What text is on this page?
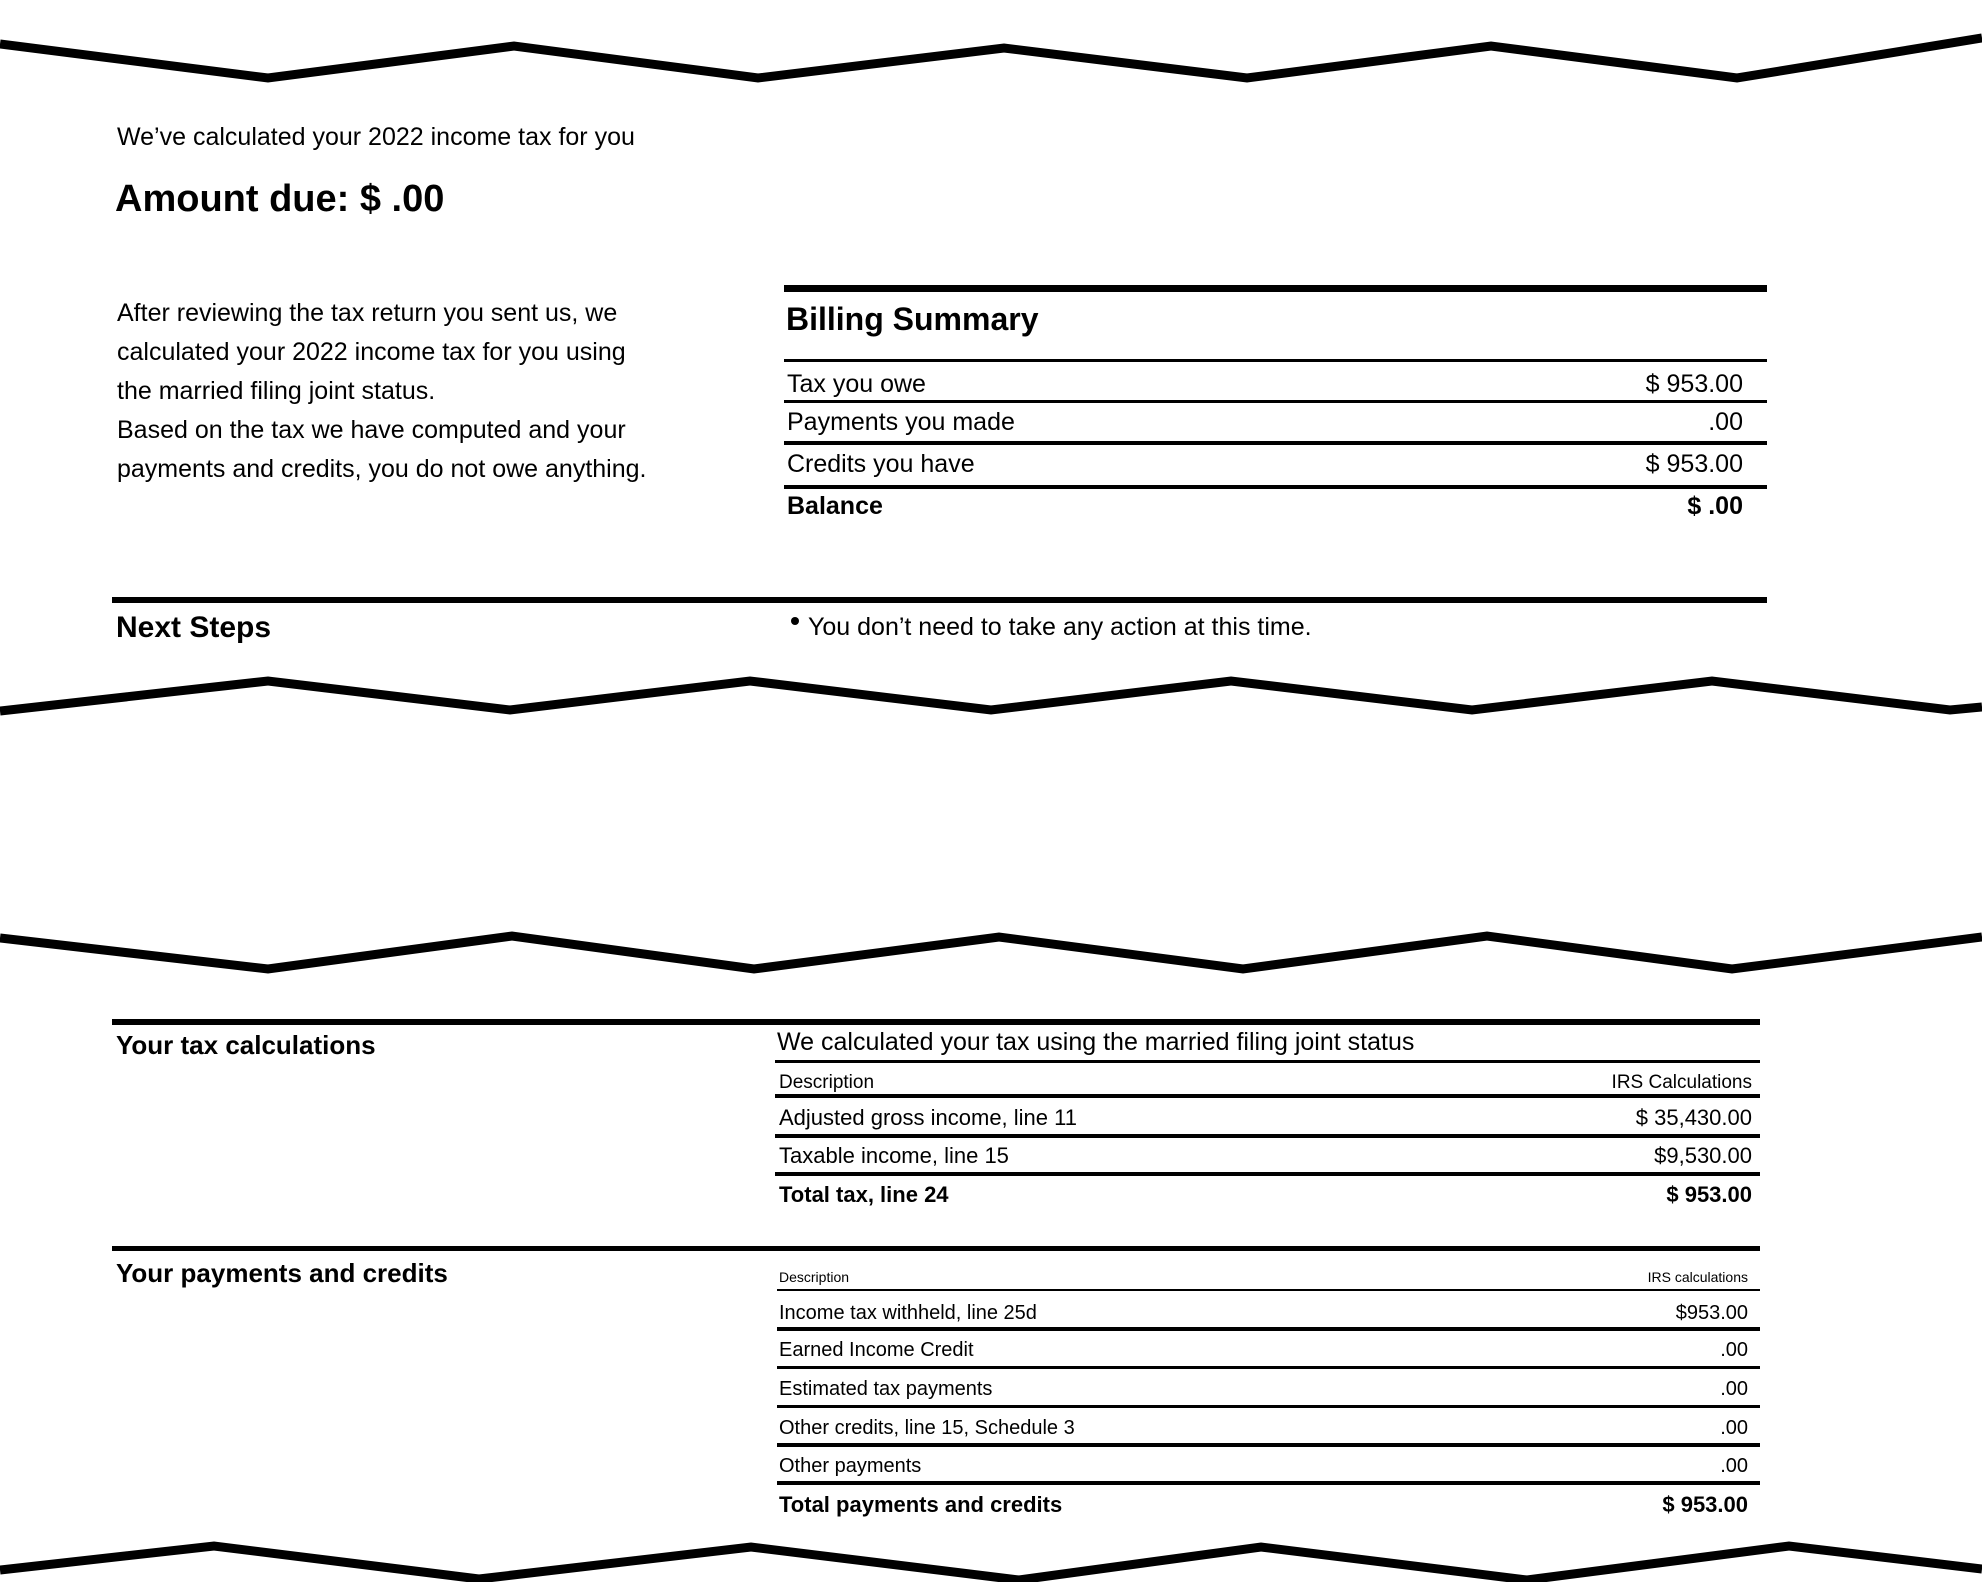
We’ve calculated your 2022 income tax for you
Amount due: $ .00
After reviewing the tax return you sent us, we
calculated your 2022 income tax for you using
the married filing joint status.
Based on the tax we have computed and your
payments and credits, you do not owe anything.
Billing Summary
Tax you owe	$ 953.00
Payments you made	.00
Credits you have	$ 953.00
Balance	$ .00
Next Steps	You don’t need to take any action at this time.
Your tax calculations	We calculated your tax using the married filing joint status
Description	IRS Calculations
Adjusted gross income, line 11	$ 35,430.00
Taxable income, line 15	$9,530.00
Total tax, line 24	$ 953.00
Your payments and credits	Description	IRS calculations
Income tax withheld, line 25d	$953.00
Earned Income Credit	.00
Estimated tax payments	.00
Other credits, line 15, Schedule 3	.00
Other payments	.00
Total payments and credits	$ 953.00
